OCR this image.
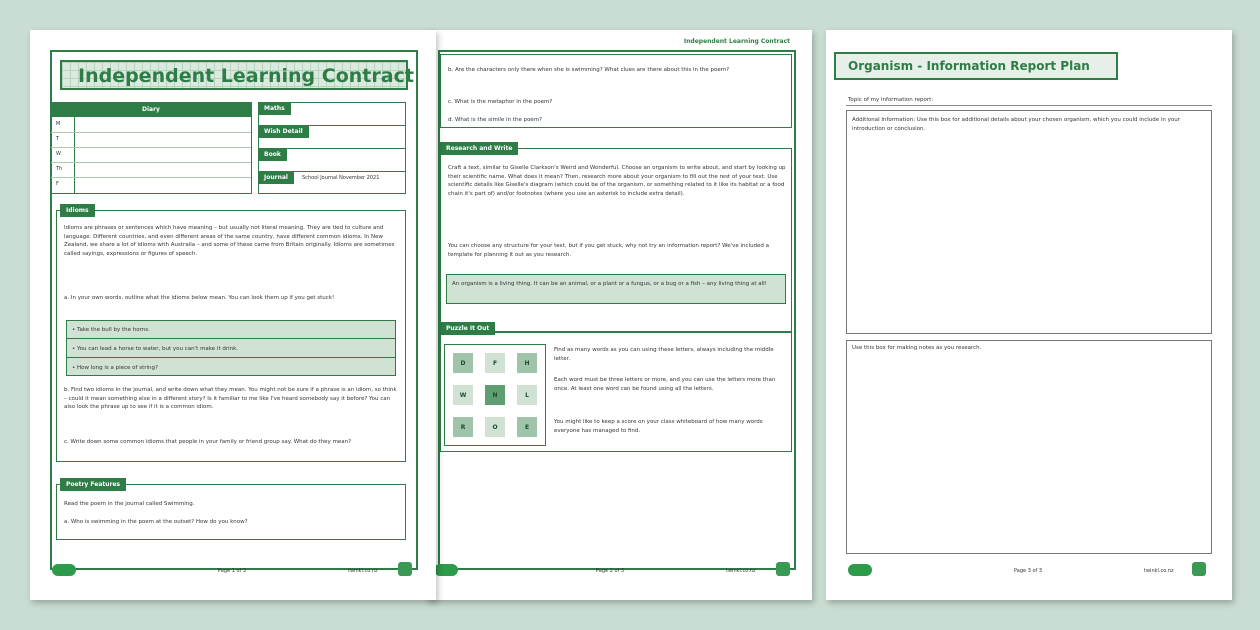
Independent Learning Contract
Diary
M
T
W
Th
F
Maths
Wish Detail
Book
Journal	School Journal November 2021
Idioms
Idioms are phrases or sentences which have meaning – but usually not literal meaning. They are tied to culture and language. Different countries, and even different areas of the same country, have different common idioms. In New Zealand, we share a lot of idioms with Australia – and some of these came from Britain originally. Idioms are sometimes called sayings, expressions or figures of speech.
a. In your own words, outline what the idioms below mean. You can look them up if you get stuck!
• Take the bull by the horns.
• You can lead a horse to water, but you can't make it drink.
• How long is a piece of string?
b. Find two idioms in the journal, and write down what they mean. You might not be sure if a phrase is an idiom, so think – could it mean something else in a different story? Is it familiar to me like I've heard somebody say it before? You can also look the phrase up to see if it is a common idiom.
c. Write down some common idioms that people in your family or friend group say. What do they mean?
Poetry Features
Read the poem in the journal called Swimming.
a. Who is swimming in the poem at the outset? How do you know?
Page 1 of 3	twinkl.co.nz
Independent Learning Contract
b. Are the characters only there when she is swimming? What clues are there about this in the poem?
c. What is the metaphor in the poem?
d. What is the simile in the poem?
Research and Write
Craft a text, similar to Giselle Clarkson's Weird and Wonderful. Choose an organism to write about, and start by looking up their scientific name. What does it mean? Then, research more about your organism to fill out the rest of your text. Use scientific details like Giselle's diagram (which could be of the organism, or something related to it like its habitat or a food chain it's part of) and/or footnotes (where you use an asterisk to include extra detail).
You can choose any structure for your text, but if you get stuck, why not try an information report? We've included a template for planning it out as you research.
An organism is a living thing. It can be an animal, or a plant or a fungus, or a bug or a fish – any living thing at all!
Puzzle It Out
D	F	H
W	N	L
R	O	E
Find as many words as you can using these letters, always including the middle letter.
Each word must be three letters or more, and you can use the letters more than once. At least one word can be found using all the letters.
You might like to keep a score on your class whiteboard of how many words everyone has managed to find.
Page 2 of 3	twinkl.co.nz
Organism - Information Report Plan
Topic of my information report:
Additional Information: Use this box for additional details about your chosen organism, which you could include in your introduction or conclusion.
Use this box for making notes as you research.
Page 3 of 3	twinkl.co.nz
